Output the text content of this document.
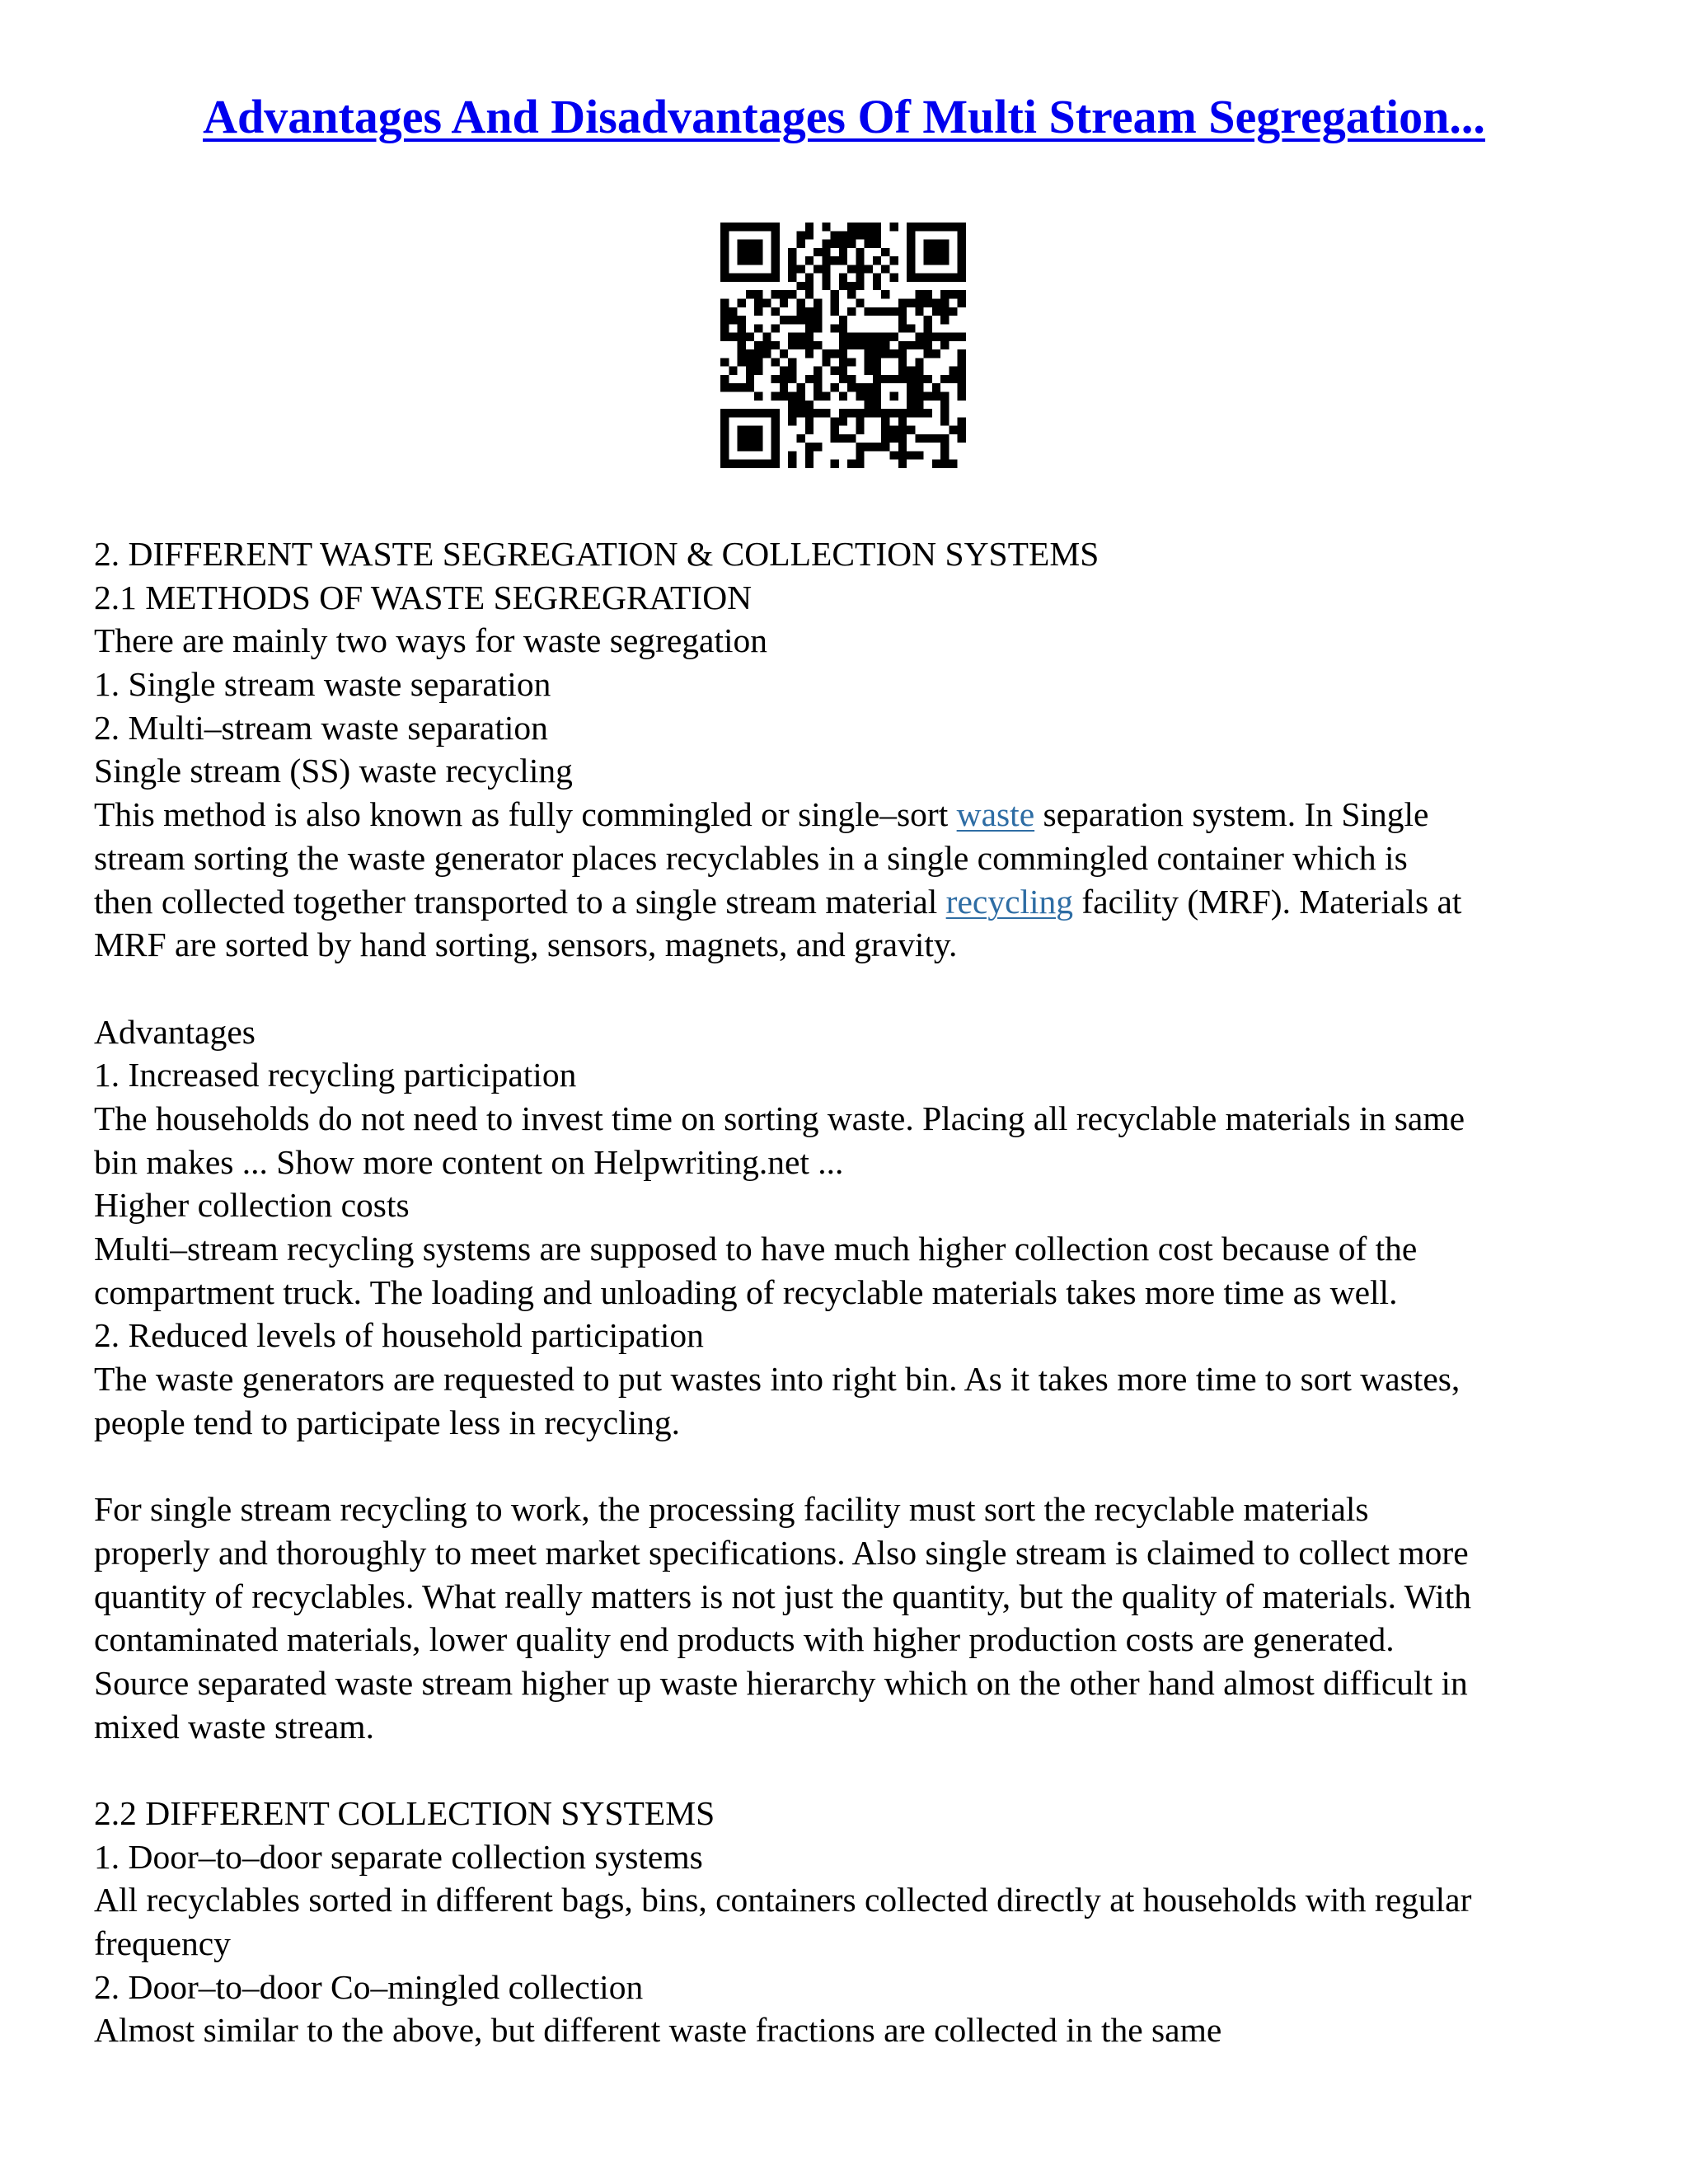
Advantages And Disadvantages Of Multi Stream Segregation...
2. DIFFERENT WASTE SEGREGATION & COLLECTION SYSTEMS
2.1 METHODS OF WASTE SEGREGRATION
There are mainly two ways for waste segregation
1. Single stream waste separation
2. Multi–stream waste separation
Single stream (SS) waste recycling
This method is also known as fully commingled or single–sort waste separation system. In Single
stream sorting the waste generator places recyclables in a single commingled container which is
then collected together transported to a single stream material recycling facility (MRF). Materials at
MRF are sorted by hand sorting, sensors, magnets, and gravity.
Advantages
1. Increased recycling participation
The households do not need to invest time on sorting waste. Placing all recyclable materials in same
bin makes ... Show more content on Helpwriting.net ...
Higher collection costs
Multi–stream recycling systems are supposed to have much higher collection cost because of the
compartment truck. The loading and unloading of recyclable materials takes more time as well.
2. Reduced levels of household participation
The waste generators are requested to put wastes into right bin. As it takes more time to sort wastes,
people tend to participate less in recycling.
For single stream recycling to work, the processing facility must sort the recyclable materials
properly and thoroughly to meet market specifications. Also single stream is claimed to collect more
quantity of recyclables. What really matters is not just the quantity, but the quality of materials. With
contaminated materials, lower quality end products with higher production costs are generated.
Source separated waste stream higher up waste hierarchy which on the other hand almost difficult in
mixed waste stream.
2.2 DIFFERENT COLLECTION SYSTEMS
1. Door–to–door separate collection systems
All recyclables sorted in different bags, bins, containers collected directly at households with regular
frequency
2. Door–to–door Co–mingled collection
Almost similar to the above, but different waste fractions are collected in the same
